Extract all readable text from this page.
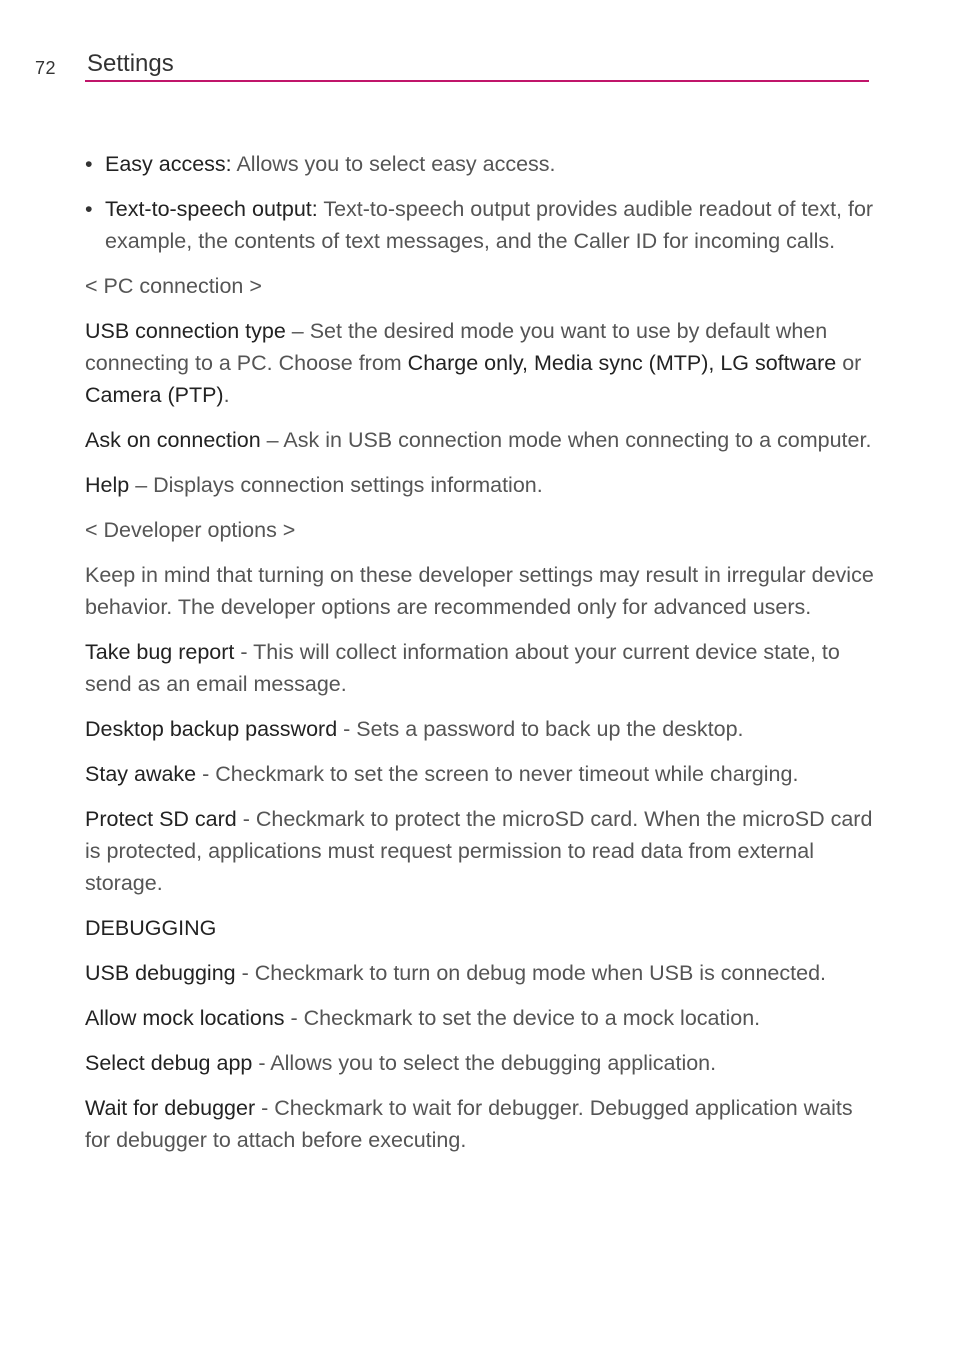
72 Settings

• Easy access: Allows you to select easy access.

• Text-to-speech output: Text-to-speech output provides audible readout of text, for example, the contents of text messages, and the Caller ID for incoming calls.

< PC connection >

USB connection type – Set the desired mode you want to use by default when connecting to a PC. Choose from Charge only, Media sync (MTP), LG software or Camera (PTP).

Ask on connection – Ask in USB connection mode when connecting to a computer.

Help – Displays connection settings information.

< Developer options >

Keep in mind that turning on these developer settings may result in irregular device behavior. The developer options are recommended only for advanced users.

Take bug report - This will collect information about your current device state, to send as an email message.

Desktop backup password - Sets a password to back up the desktop.

Stay awake - Checkmark to set the screen to never timeout while charging.

Protect SD card - Checkmark to protect the microSD card. When the microSD card is protected, applications must request permission to read data from external storage.

DEBUGGING

USB debugging - Checkmark to turn on debug mode when USB is connected.

Allow mock locations - Checkmark to set the device to a mock location.

Select debug app - Allows you to select the debugging application.

Wait for debugger - Checkmark to wait for debugger. Debugged application waits for debugger to attach before executing.
